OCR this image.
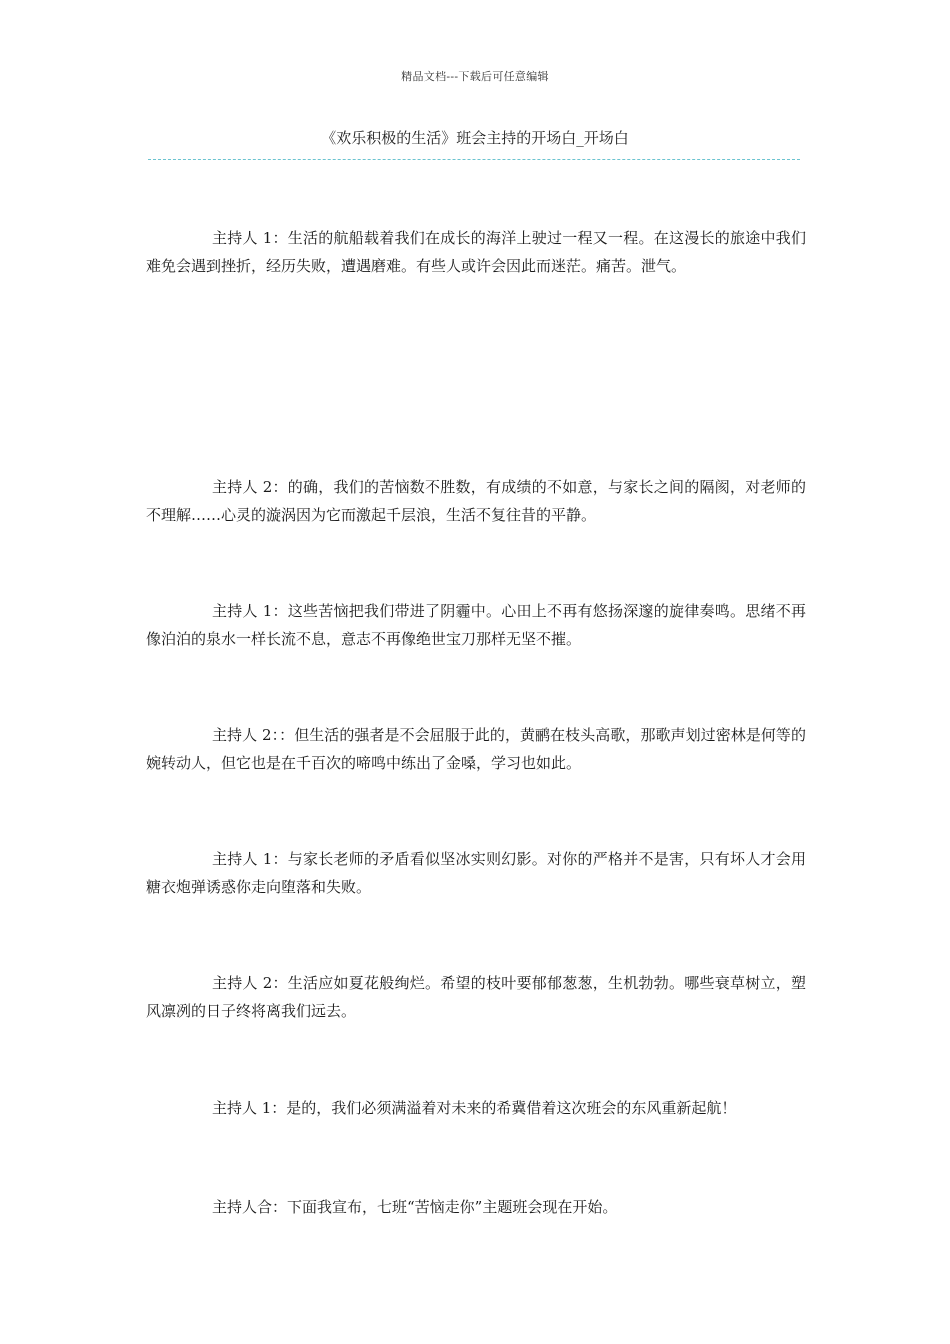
精品文档---下载后可任意编辑
《欢乐积极的生活》班会主持的开场白_开场白

主持人 1：生活的航船载着我们在成长的海洋上驶过一程又一程。在这漫长的旅途中我们难免会遇到挫折，经历失败，遭遇磨难。有些人或许会因此而迷茫。痛苦。泄气。

主持人 2：的确，我们的苦恼数不胜数，有成绩的不如意，与家长之间的隔阂，对老师的不理解……心灵的漩涡因为它而激起千层浪，生活不复往昔的平静。

主持人 1：这些苦恼把我们带进了阴霾中。心田上不再有悠扬深邃的旋律奏鸣。思绪不再像泊泊的泉水一样长流不息，意志不再像绝世宝刀那样无坚不摧。

主持人 2：：但生活的强者是不会屈服于此的，黄鹂在枝头高歌，那歌声划过密林是何等的婉转动人，但它也是在千百次的啼鸣中练出了金嗓，学习也如此。

主持人 1：与家长老师的矛盾看似坚冰实则幻影。对你的严格并不是害，只有坏人才会用糖衣炮弹诱惑你走向堕落和失败。

主持人 2：生活应如夏花般绚烂。希望的枝叶要郁郁葱葱，生机勃勃。哪些衰草树立，塑风凛冽的日子终将离我们远去。

主持人 1：是的，我们必须满溢着对未来的希冀借着这次班会的东风重新起航！

主持人合：下面我宣布，七班“苦恼走你”主题班会现在开始。
